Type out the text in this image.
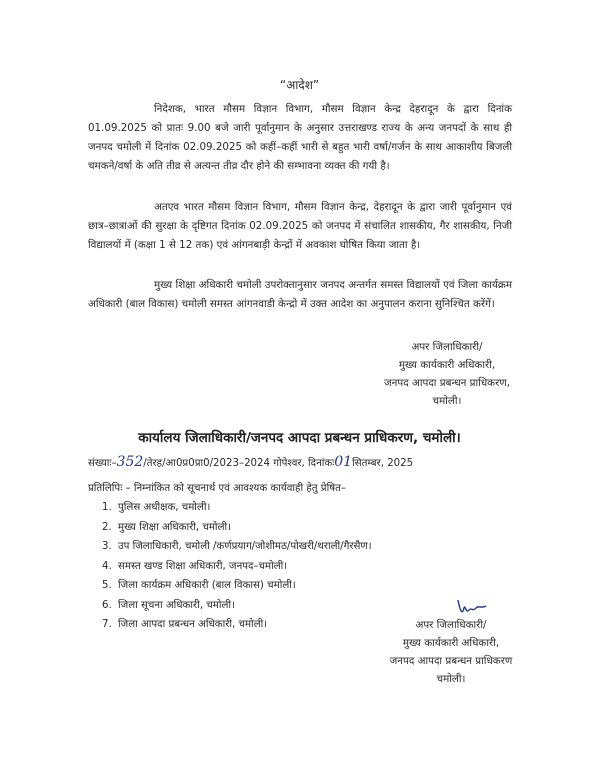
“आदेश”

निदेशक, भारत मौसम विज्ञान विभाग, मौसम विज्ञान केन्द्र देहरादून के द्वारा दिनांक 01.09.2025 को प्रातः 9.00 बजे जारी पूर्वानुमान के अनुसार उत्तराखण्ड राज्य के अन्य जनपदों के साथ ही जनपद चमोली में दिनांक 02.09.2025 को कहीं–कहीं भारी से बहुत भारी वर्षा/गर्जन के साथ आकाशीय बिजली चमकने/वर्षा के अति तीव्र से अत्यन्त तीव्र दौर होने की सम्भावना व्यक्त की गयी है।

अतएव भारत मौसम विज्ञान विभाग, मौसम विज्ञान केन्द्र, देहरादून के द्वारा जारी पूर्वानुमान एवं छात्र–छात्राओं की सुरक्षा के दृष्टिगत दिनांक 02.09.2025 को जनपद में संचालित शासकीय, गैर शासकीय, निजी विद्यालयों में (कक्षा 1 से 12 तक) एवं आंगनबाड़ी केन्द्रों में अवकाश घोषित किया जाता है।

मुख्य शिक्षा अधिकारी चमोली उपरोक्तानुसार जनपद अन्तर्गत समस्त विद्यालयों एवं जिला कार्यक्रम अधिकारी (बाल विकास) चमोली समस्त आंगनवाडी केन्द्रो में उक्त आदेश का अनुपालन कराना सुनिश्चित करेंगें।

अपर जिलाधिकारी/
मुख्य कार्यकारी अधिकारी,
जनपद आपदा प्रबन्धन प्राधिकरण,
चमोली।
कार्यालय जिलाधिकारी/जनपद आपदा प्रबन्धन प्राधिकरण, चमोली।
संख्याः–352/तेरह/आ0प्र0प्रा0/2023–2024 गोपेश्वर, दिनांकः01सितम्बर, 2025
प्रतिलिपिः – निम्नांकित को सूचनार्थ एवं आवश्यक कार्यवाही हेतु प्रेषित–
1. पुलिस अधीक्षक, चमोली।
2. मुख्य शिक्षा अधिकारी, चमोली।
3. उप जिलाधिकारी, चमोली /कर्णप्रयाग/जोशीमठ/पोखरी/थराली/गैरसैण।
4. समस्त खण्ड शिक्षा अधिकारी, जनपद–चमोली।
5. जिला कार्यक्रम अधिकारी (बाल विकास) चमोली।
6. जिला सूचना अधिकारी, चमोली।
7. जिला आपदा प्रबन्धन अधिकारी, चमोली।	अपर जिलाधिकारी/
मुख्य कार्यकारी अधिकारी,
जनपद आपदा प्रबन्धन प्राधिकरण
चमोली।
